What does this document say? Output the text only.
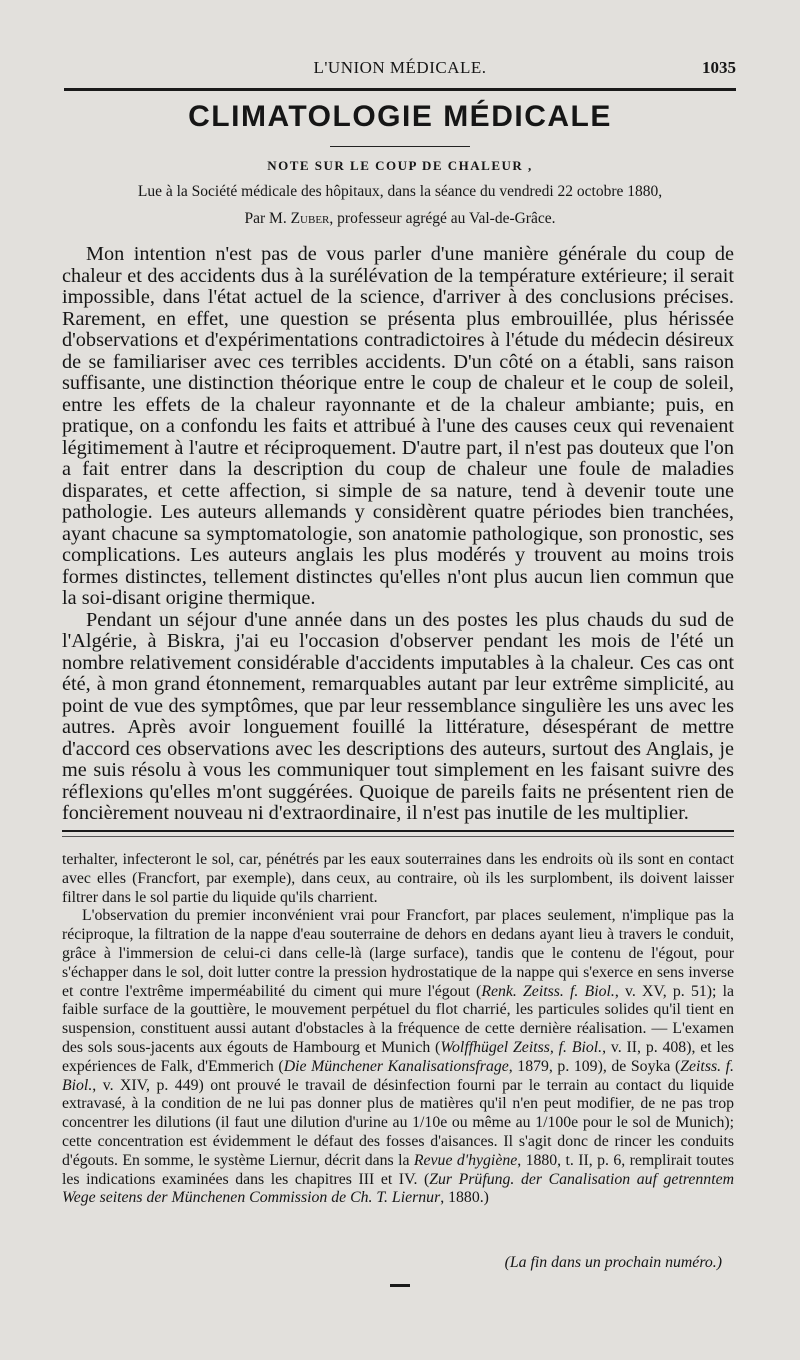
L'UNION MÉDICALE.	1035
CLIMATOLOGIE MÉDICALE
NOTE SUR LE COUP DE CHALEUR ,
Lue à la Société médicale des hôpitaux, dans la séance du vendredi 22 octobre 1880,
Par M. Zuber, professeur agrégé au Val-de-Grâce.

Mon intention n'est pas de vous parler d'une manière générale du coup de chaleur et des accidents dus à la surélévation de la température extérieure; il serait impossible, dans l'état actuel de la science, d'arriver à des conclusions précises. Rarement, en effet, une question se présenta plus embrouillée, plus hérissée d'observations et d'expérimentations contradictoires à l'étude du médecin désireux de se familiariser avec ces terribles accidents. D'un côté on a établi, sans raison suffisante, une distinction théorique entre le coup de chaleur et le coup de soleil, entre les effets de la chaleur rayonnante et de la chaleur ambiante; puis, en pratique, on a confondu les faits et attribué à l'une des causes ceux qui revenaient légitimement à l'autre et réciproquement. D'autre part, il n'est pas douteux que l'on a fait entrer dans la description du coup de chaleur une foule de maladies disparates, et cette affection, si simple de sa nature, tend à devenir toute une pathologie. Les auteurs allemands y considèrent quatre périodes bien tranchées, ayant chacune sa symptomatologie, son anatomie pathologique, son pronostic, ses complications. Les auteurs anglais les plus modérés y trouvent au moins trois formes distinctes, tellement distinctes qu'elles n'ont plus aucun lien commun que la soi-disant origine thermique.

Pendant un séjour d'une année dans un des postes les plus chauds du sud de l'Algérie, à Biskra, j'ai eu l'occasion d'observer pendant les mois de l'été un nombre relativement considérable d'accidents imputables à la chaleur. Ces cas ont été, à mon grand étonnement, remarquables autant par leur extrême simplicité, au point de vue des symptômes, que par leur ressemblance singulière les uns avec les autres. Après avoir longuement fouillé la littérature, désespérant de mettre d'accord ces observations avec les descriptions des auteurs, surtout des Anglais, je me suis résolu à vous les communiquer tout simplement en les faisant suivre des réflexions qu'elles m'ont suggérées. Quoique de pareils faits ne présentent rien de foncièrement nouveau ni d'extraordinaire, il n'est pas inutile de les multiplier.

terhalter, infecteront le sol, car, pénétrés par les eaux souterraines dans les endroits où ils sont en contact avec elles (Francfort, par exemple), dans ceux, au contraire, où ils les surplombent, ils doivent laisser filtrer dans le sol partie du liquide qu'ils charrient.

L'observation du premier inconvénient vrai pour Francfort, par places seulement, n'implique pas la réciproque, la filtration de la nappe d'eau souterraine de dehors en dedans ayant lieu à travers le conduit, grâce à l'immersion de celui-ci dans celle-là (large surface), tandis que le contenu de l'égout, pour s'échapper dans le sol, doit lutter contre la pression hydrostatique de la nappe qui s'exerce en sens inverse et contre l'extrême imperméabilité du ciment qui mure l'égout (Renk. Zeitss. f. Biol., v. XV, p. 51); la faible surface de la gouttière, le mouvement perpétuel du flot charrié, les particules solides qu'il tient en suspension, constituent aussi autant d'obstacles à la fréquence de cette dernière réalisation. — L'examen des sols sous-jacents aux égouts de Hambourg et Munich (Wolffhügel Zeitss, f. Biol., v. II, p. 408), et les expériences de Falk, d'Emmerich (Die Münchener Kanalisationsfrage, 1879, p. 109), de Soyka (Zeitss. f. Biol., v. XIV, p. 449) ont prouvé le travail de désinfection fourni par le terrain au contact du liquide extravasé, à la condition de ne lui pas donner plus de matières qu'il n'en peut modifier, de ne pas trop concentrer les dilutions (il faut une dilution d'urine au 1/10e ou même au 1/100e pour le sol de Munich); cette concentration est évidemment le défaut des fosses d'aisances. Il s'agit donc de rincer les conduits d'égouts. En somme, le système Liernur, décrit dans la Revue d'hygiène, 1880, t. II, p. 6, remplirait toutes les indications examinées dans les chapitres III et IV. (Zur Prüfung. der Canalisation auf getrenntem Wege seitens der Münchenen Commission de Ch. T. Liernur, 1880.)

(La fin dans un prochain numéro.)
